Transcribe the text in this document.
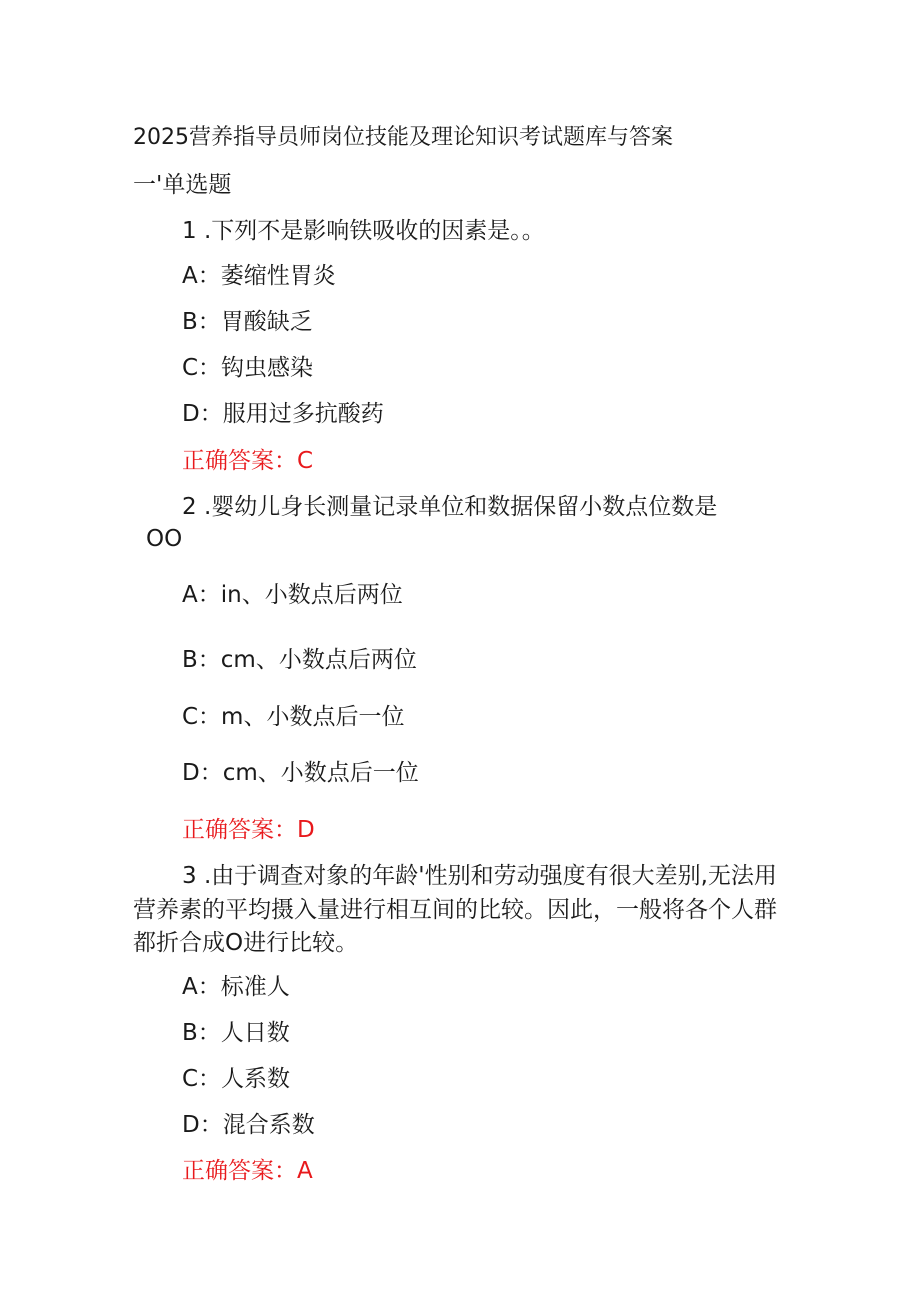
2025营养指导员师岗位技能及理论知识考试题库与答案
一'单选题
1 .下列不是影响铁吸收的因素是。。
A：萎缩性胃炎
B：胃酸缺乏
C：钩虫感染
D：服用过多抗酸药
正确答案：C
2 .婴幼儿身长测量记录单位和数据保留小数点位数是
OO
A：in、小数点后两位
B：cm、小数点后两位
C：m、小数点后一位
D：cm、小数点后一位
正确答案：D
3 .由于调查对象的年龄'性别和劳动强度有很大差别,无法用
营养素的平均摄入量进行相互间的比较。因此，一般将各个人群
都折合成O进行比较。
A：标准人
B：人日数
C：人系数
D：混合系数
正确答案：A
